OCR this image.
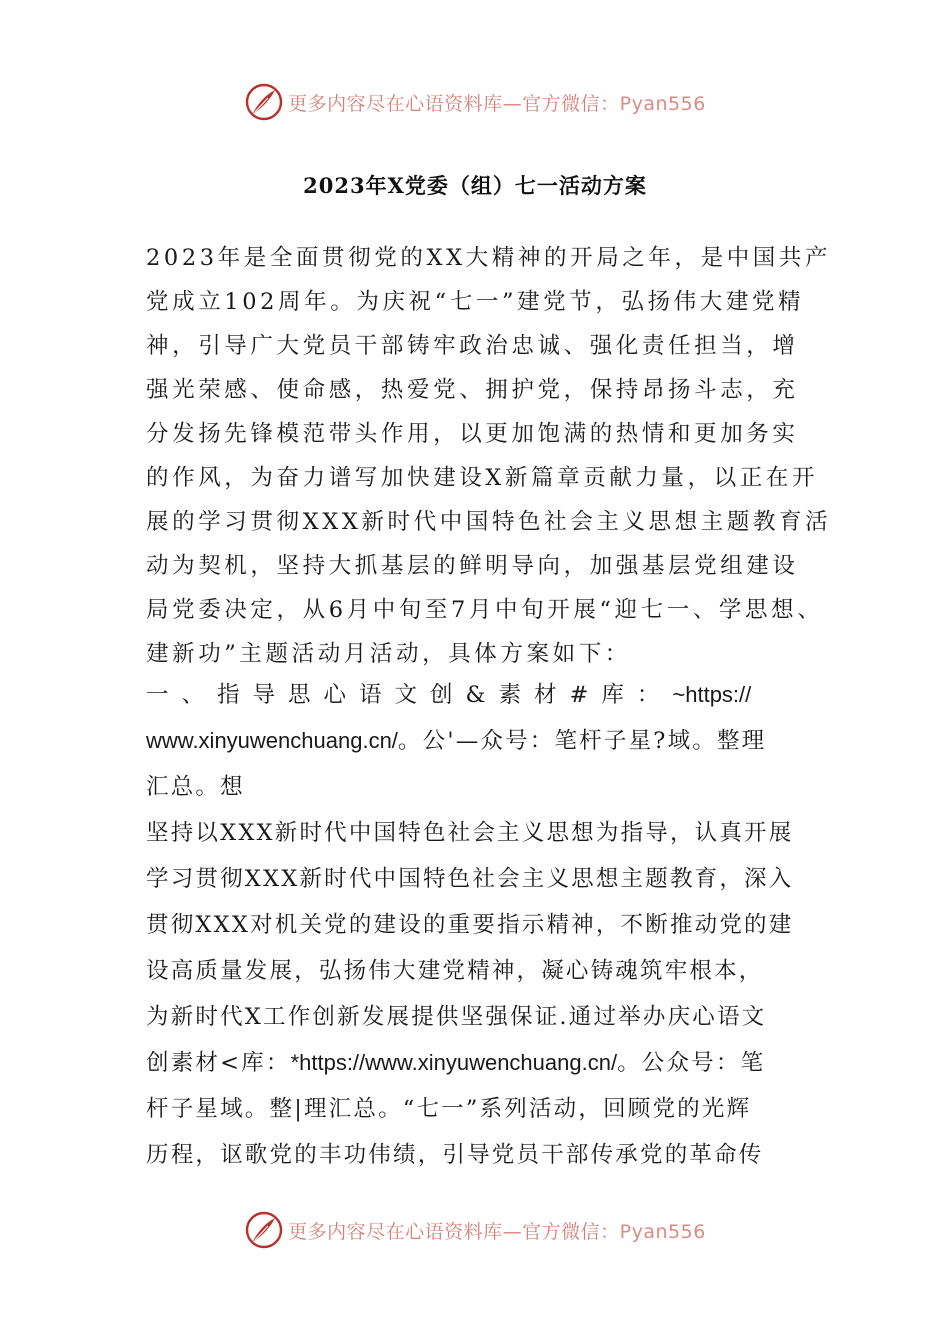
更多内容尽在心语资料库—官方微信：Pyan556
2023年X党委（组）七一活动方案
2023年是全面贯彻党的XX大精神的开局之年，是中国共产
党成立102周年。为庆祝“七一”建党节，弘扬伟大建党精
神，引导广大党员干部铸牢政治忠诚、强化责任担当，增
强光荣感、使命感，热爱党、拥护党，保持昂扬斗志，充
分发扬先锋模范带头作用，以更加饱满的热情和更加务实
的作风，为奋力谱写加快建设X新篇章贡献力量，以正在开
展的学习贯彻XXX新时代中国特色社会主义思想主题教育活
动为契机，坚持大抓基层的鲜明导向，加强基层党组建设
局党委决定，从6月中旬至7月中旬开展“迎七一、学思想、
建新功”主题活动月活动，具体方案如下：
一、指导思心语文创&素材#库：~https://
www.xinyuwenchuang.cn/。公'—众号：笔杆子星?域。整理
汇总。想
坚持以XXX新时代中国特色社会主义思想为指导，认真开展
学习贯彻XXX新时代中国特色社会主义思想主题教育，深入
贯彻XXX对机关党的建设的重要指示精神，不断推动党的建
设高质量发展，弘扬伟大建党精神，凝心铸魂筑牢根本，
为新时代X工作创新发展提供坚强保证.通过举办庆心语文
创素材<库：*https://www.xinyuwenchuang.cn/。公众号：笔
杆子星域。整|理汇总。“七一”系列活动，回顾党的光辉
历程，讴歌党的丰功伟绩，引导党员干部传承党的革命传
更多内容尽在心语资料库—官方微信：Pyan556
